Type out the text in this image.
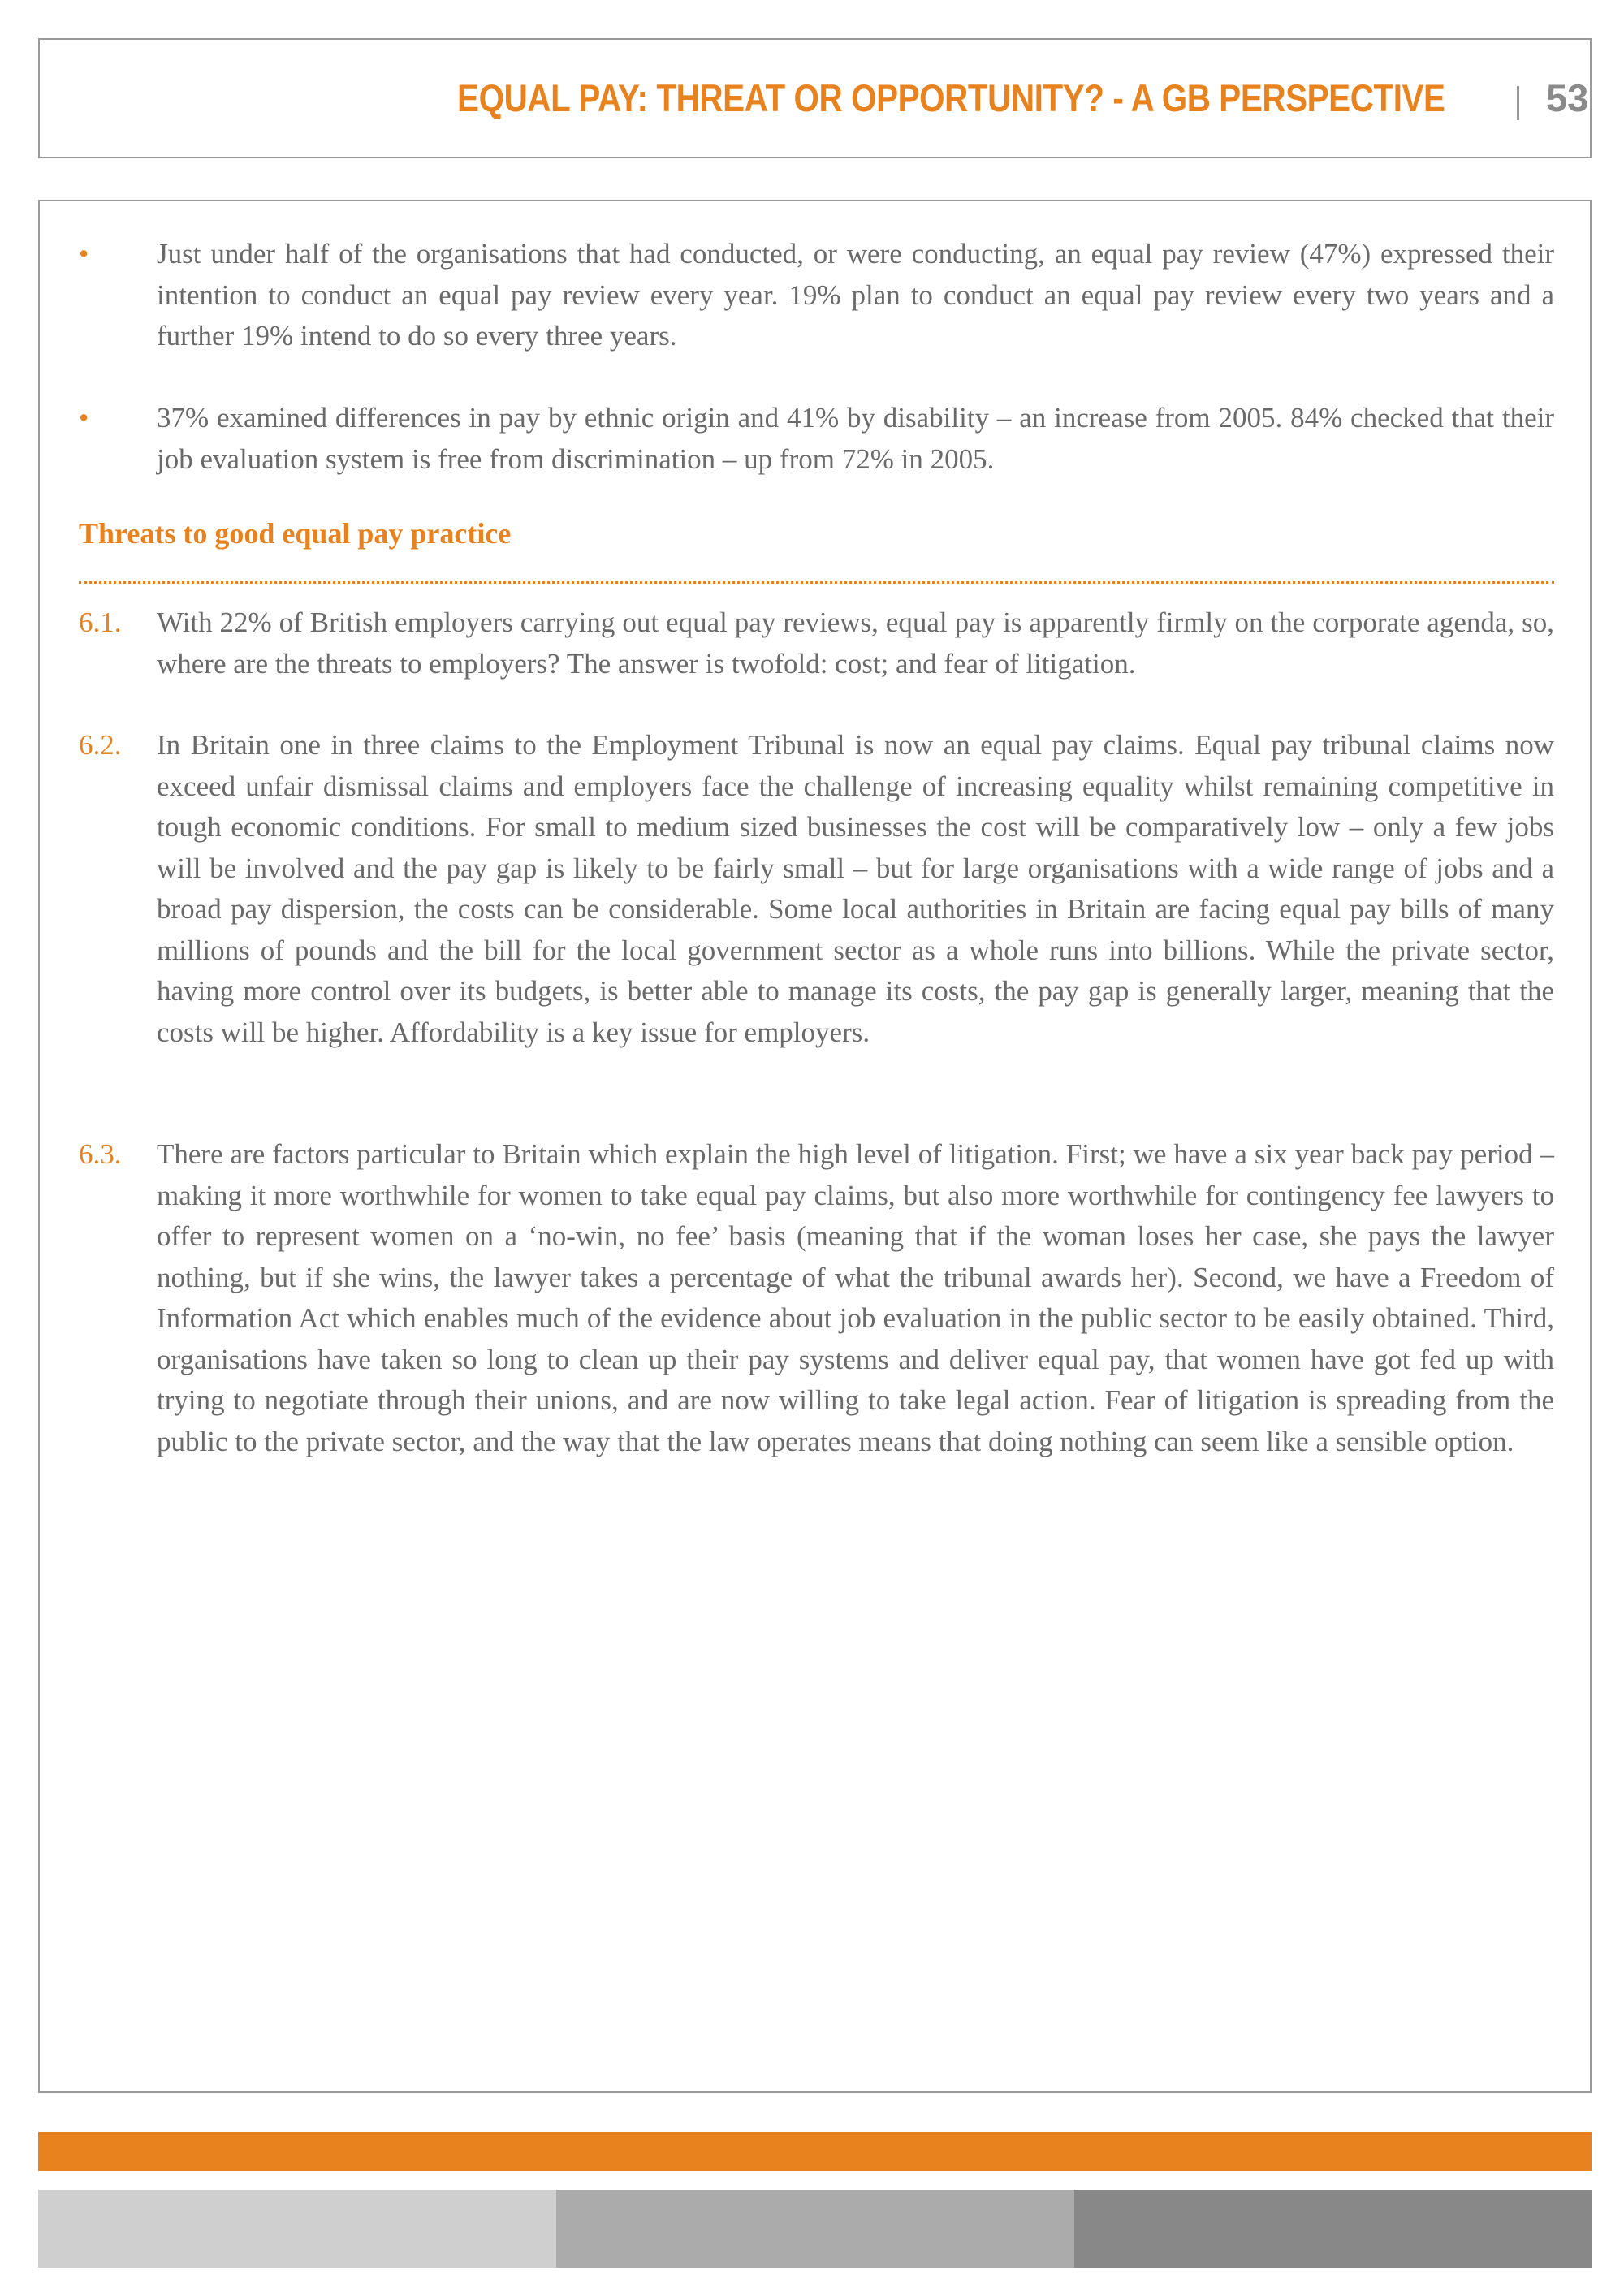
EQUAL PAY: THREAT OR OPPORTUNITY? - A GB PERSPECTIVE	53
• Just under half of the organisations that had conducted, or were conducting, an equal pay review (47%) expressed their intention to conduct an equal pay review every year. 19% plan to conduct an equal pay review every two years and a further 19% intend to do so every three years.
• 37% examined differences in pay by ethnic origin and 41% by disability – an increase from 2005. 84% checked that their job evaluation system is free from discrimination – up from 72% in 2005.
Threats to good equal pay practice
6.1. With 22% of British employers carrying out equal pay reviews, equal pay is apparently firmly on the corporate agenda, so, where are the threats to employers? The answer is twofold: cost; and fear of litigation.
6.2. In Britain one in three claims to the Employment Tribunal is now an equal pay claims. Equal pay tribunal claims now exceed unfair dismissal claims and employers face the challenge of increasing equality whilst remaining competitive in tough economic conditions. For small to medium sized businesses the cost will be comparatively low – only a few jobs will be involved and the pay gap is likely to be fairly small – but for large organisations with a wide range of jobs and a broad pay dispersion, the costs can be considerable. Some local authorities in Britain are facing equal pay bills of many millions of pounds and the bill for the local government sector as a whole runs into billions. While the private sector, having more control over its budgets, is better able to manage its costs, the pay gap is generally larger, meaning that the costs will be higher. Affordability is a key issue for employers.
6.3. There are factors particular to Britain which explain the high level of litigation. First; we have a six year back pay period – making it more worthwhile for women to take equal pay claims, but also more worthwhile for contingency fee lawyers to offer to represent women on a ‘no-win, no fee’ basis (meaning that if the woman loses her case, she pays the lawyer nothing, but if she wins, the lawyer takes a percentage of what the tribunal awards her). Second, we have a Freedom of Information Act which enables much of the evidence about job evaluation in the public sector to be easily obtained. Third, organisations have taken so long to clean up their pay systems and deliver equal pay, that women have got fed up with trying to negotiate through their unions, and are now willing to take legal action. Fear of litigation is spreading from the public to the private sector, and the way that the law operates means that doing nothing can seem like a sensible option.
